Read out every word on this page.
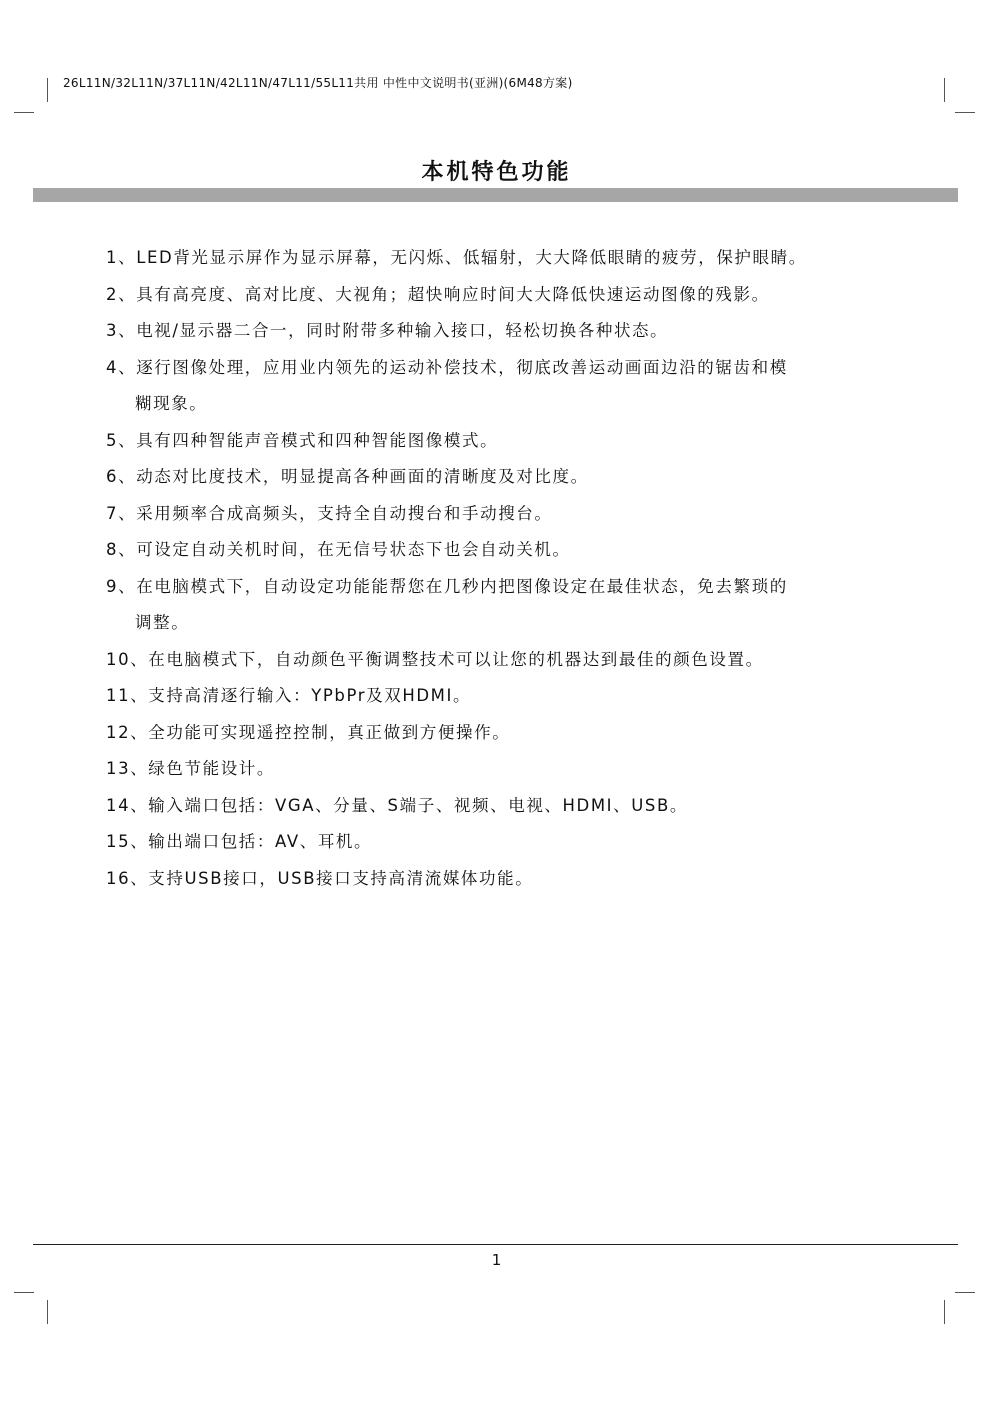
26L11N/32L11N/37L11N/42L11N/47L11/55L11共用 中性中文说明书(亚洲)(6M48方案)
本机特色功能
1、LED背光显示屏作为显示屏幕，无闪烁、低辐射，大大降低眼睛的疲劳，保护眼睛。
2、具有高亮度、高对比度、大视角；超快响应时间大大降低快速运动图像的残影。
3、电视/显示器二合一，同时附带多种输入接口，轻松切换各种状态。
4、逐行图像处理，应用业内领先的运动补偿技术，彻底改善运动画面边沿的锯齿和模
糊现象。
5、具有四种智能声音模式和四种智能图像模式。
6、动态对比度技术，明显提高各种画面的清晰度及对比度。
7、采用频率合成高频头，支持全自动搜台和手动搜台。
8、可设定自动关机时间，在无信号状态下也会自动关机。
9、在电脑模式下，自动设定功能能帮您在几秒内把图像设定在最佳状态，免去繁琐的
调整。
10、在电脑模式下，自动颜色平衡调整技术可以让您的机器达到最佳的颜色设置。
11、支持高清逐行输入：YPbPr及双HDMI。
12、全功能可实现遥控控制，真正做到方便操作。
13、绿色节能设计。
14、输入端口包括：VGA、分量、S端子、视频、电视、HDMI、USB。
15、输出端口包括：AV、耳机。
16、支持USB接口，USB接口支持高清流媒体功能。
1
